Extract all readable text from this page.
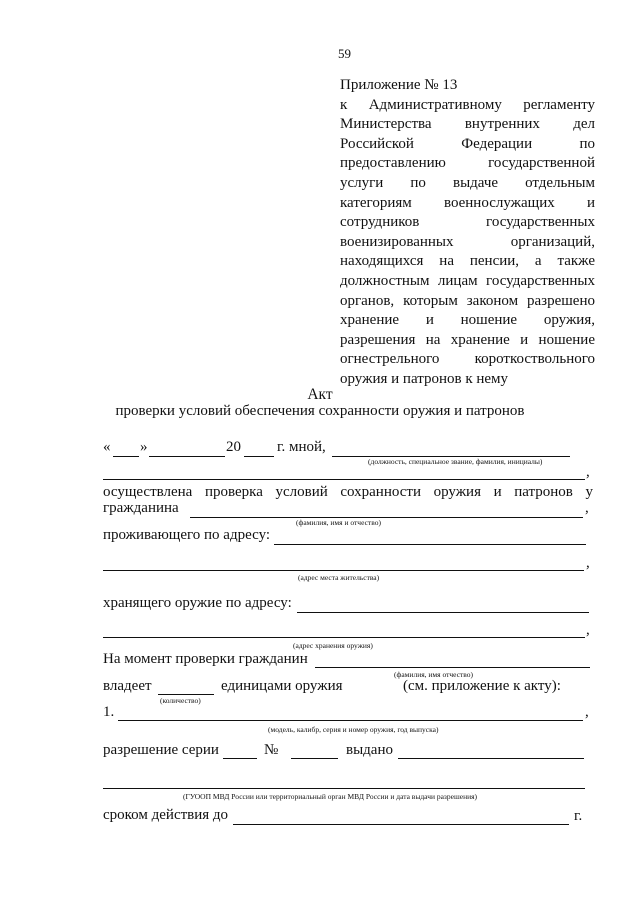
59
Приложение № 13
к Административному регламенту
Министерства внутренних дел
Российской Федерации по
предоставлению государственной
услуги по выдаче отдельным
категориям военнослужащих и
сотрудников государственных
военизированных организаций,
находящихся на пенсии, а также
должностным лицам государственных
органов, которым законом разрешено
хранение и ношение оружия,
разрешения на хранение и ношение
огнестрельного короткоствольного
оружия и патронов к нему
Акт
проверки условий обеспечения сохранности оружия и патронов
« »	20 г. мной,
(должность, специальное звание, фамилия, инициалы)
,
осуществлена проверка условий сохранности оружия и патронов у
гражданина	,
(фамилия, имя и отчество)
проживающего по адресу:
,
(адрес места жительства)
хранящего оружие по адресу:
,
(адрес хранения оружия)
На момент проверки гражданин
(фамилия, имя отчество)
владеет	единицами оружия	(см. приложение к акту):
(количество)
1.	,
(модель, калибр, серия и номер оружия, год выпуска)
разрешение серии	№	выдано
(ГУООП МВД России или территориальный орган МВД России и дата выдачи разрешения)
сроком действия до	г.
